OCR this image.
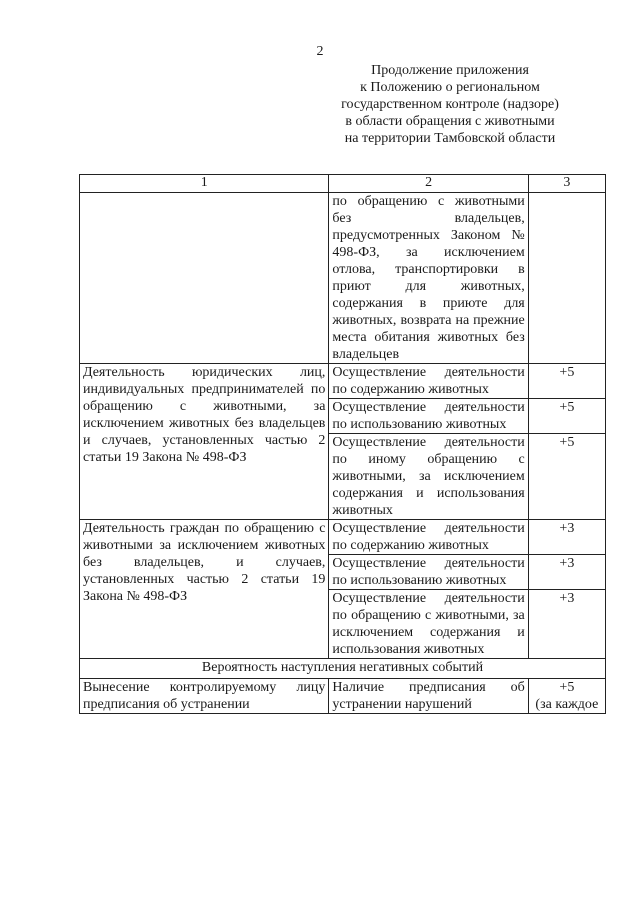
2
Продолжение приложения
к Положению о региональном
государственном контроле (надзоре)
в области обращения с животными
на территории Тамбовской области
1	2	3
	по обращению с животными без владельцев, предусмотренных Законом № 498-ФЗ, за исключением отлова, транспортировки в приют для животных, содержания в приюте для животных, возврата на прежние места обитания животных без владельцев	
Деятельность юридических лиц, индивидуальных предпринимателей по обращению с животными, за исключением животных без владельцев и случаев, установленных частью 2 статьи 19 Закона № 498-ФЗ	Осуществление деятельности по содержанию животных	+5
	Осуществление деятельности по использованию животных	+5
	Осуществление деятельности по иному обращению с животными, за исключением содержания и использования животных	+5
Деятельность граждан по обращению с животными за исключением животных без владельцев, и случаев, установленных частью 2 статьи 19 Закона № 498-ФЗ	Осуществление деятельности по содержанию животных	+3
	Осуществление деятельности по использованию животных	+3
	Осуществление деятельности по обращению с животными, за исключением содержания и использования животных	+3
Вероятность наступления негативных событий		
Вынесение контролируемому лицу предписания об устранении	Наличие предписания об устранении нарушений	+5
(за каждое
